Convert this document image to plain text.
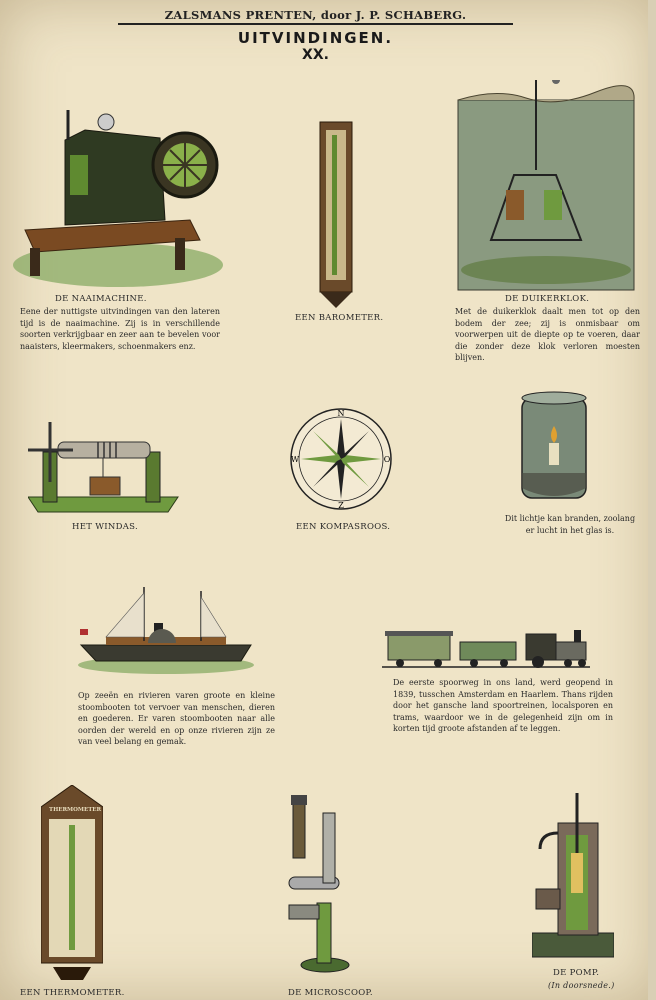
ZALSMANS PRENTEN, door J. P. SCHABERG.
UITVINDINGEN.
XX.
DE NAAIMACHINE.
Eene der nuttigste uitvindingen van den lateren tijd is de naaimachine. Zij is in verschillende soorten verkrijgbaar en zeer aan te bevelen voor naaisters, kleermakers, schoenmakers enz.
EEN BAROMETER.
DE DUIKERKLOK.
Met de duikerklok daalt men tot op den bodem der zee; zij is onmisbaar om voorwerpen uit de diepte op te voeren, daar die zonder deze klok verloren moesten blijven.
HET WINDAS.
N
O
Z
W
EEN KOMPASROOS.
Dit lichtje kan branden, zoolang er lucht in het glas is.
Op zeeën en rivieren varen groote en kleine stoombooten tot vervoer van menschen, dieren en goederen. Er varen stoombooten naar alle oorden der wereld en op onze rivieren zijn ze van veel belang en gemak.
De eerste spoorweg in ons land, werd geopend in 1839, tusschen Amsterdam en Haarlem. Thans rijden door het gansche land spoortreinen, localsporen en trams, waardoor we in de gelegenheid zijn om in korten tijd groote afstanden af te leggen.
THERMOMETER
EEN THERMOMETER.	DE MICROSCOOP.
DE POMP.
(In doorsnede.)
